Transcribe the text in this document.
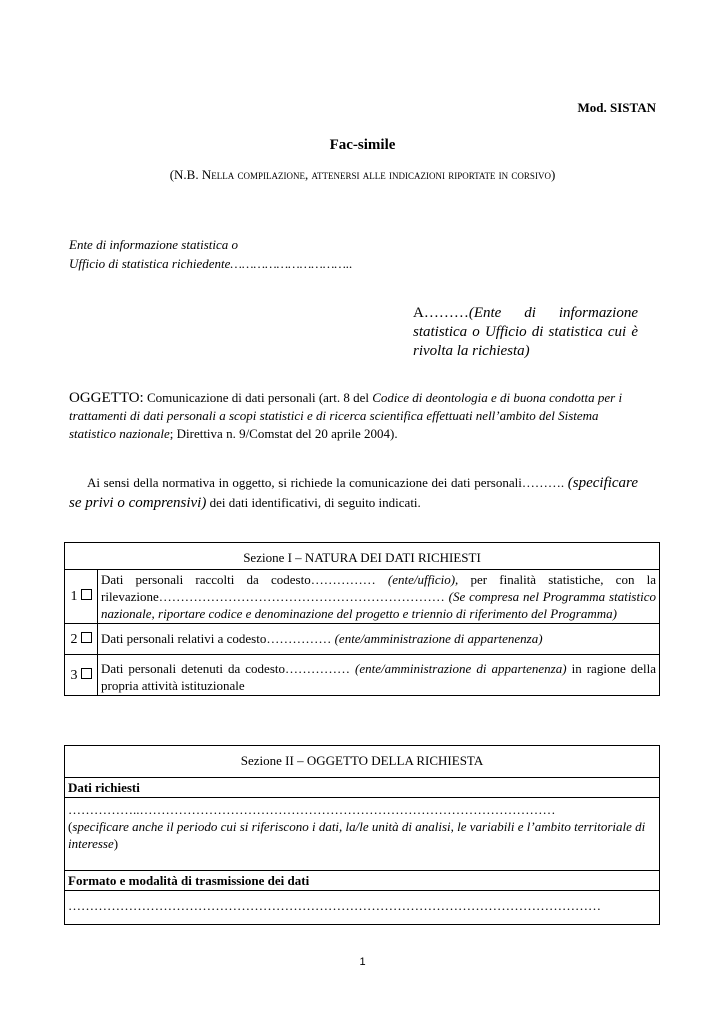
Mod. SISTAN
Fac-simile
(N.B. Nella compilazione, attenersi alle indicazioni riportate in corsivo)
Ente di informazione statistica o
Ufficio di statistica richiedente…………………………..
A………(Ente di informazione statistica o Ufficio di statistica cui è rivolta la richiesta)
OGGETTO: Comunicazione di dati personali (art. 8 del Codice di deontologia e di buona condotta per i trattamenti di dati personali a scopi statistici e di ricerca scientifica effettuati nell’ambito del Sistema statistico nazionale; Direttiva n. 9/Comstat del 20 aprile 2004).
Ai sensi della normativa in oggetto, si richiede la comunicazione dei dati personali………. (specificare se privi o comprensivi) dei dati identificativi, di seguito indicati.
Sezione I – NATURA DEI DATI RICHIESTI	
1	Dati personali raccolti da codesto…………… (ente/ufficio), per finalità statistiche, con la rilevazione………………………………………………………… (Se compresa nel Programma statistico nazionale, riportare codice e denominazione del progetto e triennio di riferimento del Programma)
2	Dati personali relativi a codesto…………… (ente/amministrazione di appartenenza)
3	Dati personali detenuti da codesto…………… (ente/amministrazione di appartenenza) in ragione della propria attività istituzionale
Sezione II – OGGETTO DELLA RICHIESTA
Dati richiesti

……………..……………………………………………………………………………………
(specificare anche il periodo cui si riferiscono i dati, la/le unità di analisi, le variabili e l’ambito territoriale di interesse)

Formato e modalità di trasmissione dei dati
……………………………………………………………………………………………………………
1
